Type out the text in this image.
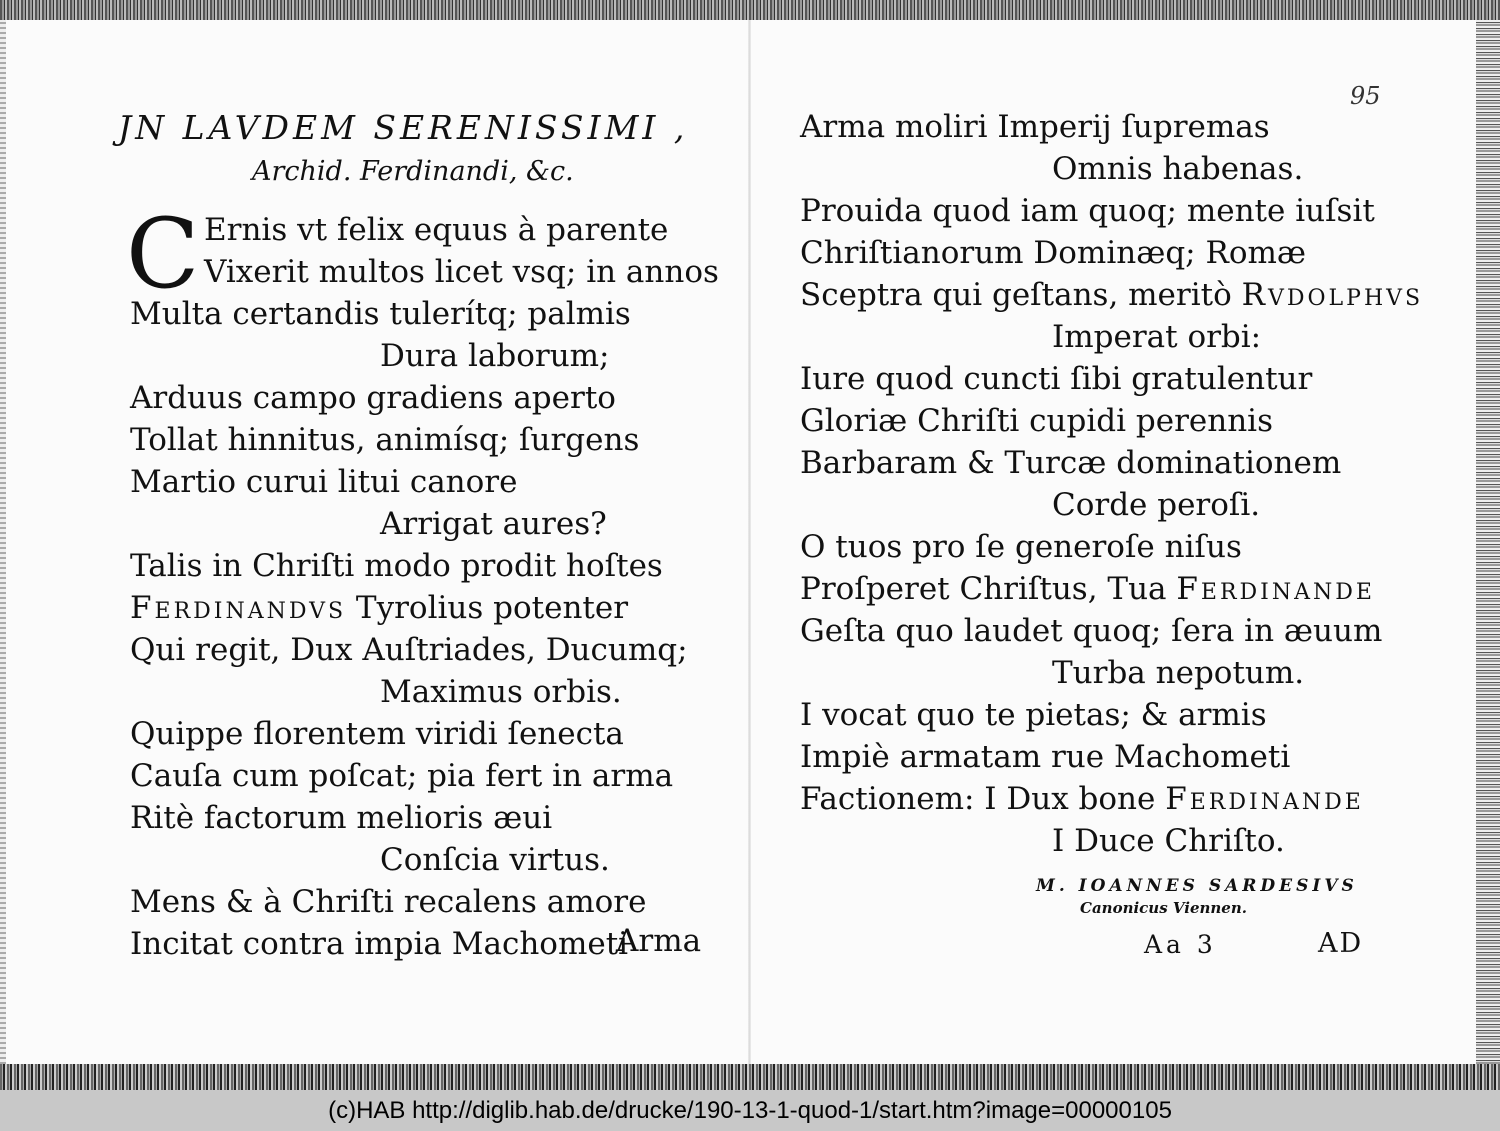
JN LAVDEM SERENISSIMI ,
Archid. Ferdinandi, &c.
C Ernis vt felix equus à parente
Vixerit multos licet vsq; in annos
Multa certandis tulerítq; palmis
Dura laborum;
Arduus campo gradiens aperto
Tollat hinnitus, animísq; ſurgens
Martio curui litui canore
Arrigat aures?
Talis in Chriſti modo prodit hoſtes
Ferdinandvs Tyrolius potenter
Qui regit, Dux Auſtriades, Ducumq;
Maximus orbis.
Quippe florentem viridi ſenecta
Cauſa cum poſcat; pia fert in arma
Ritè factorum melioris æui
Conſcia virtus.
Mens & à Chriſti recalens amore
Incitat contra impia Machometi
Arma
95
Arma moliri Imperij ſupremas
Omnis habenas.
Prouida quod iam quoq; mente iuſsit
Chriſtianorum Dominæq; Romæ
Sceptra qui geſtans, meritò Rvdolphvs
Imperat orbi:
Iure quod cuncti ſibi gratulentur
Gloriæ Chriſti cupidi perennis
Barbaram & Turcæ dominationem
Corde peroſi.
O tuos pro ſe generoſe niſus
Proſperet Chriſtus, Tua Ferdinande
Geſta quo laudet quoq; ſera in æuum
Turba nepotum.
I vocat quo te pietas; & armis
Impiè armatam rue Machometi
Factionem: I Dux bone Ferdinande
I Duce Chriſto.
M. IOANNES SARDESIVS
Canonicus Viennen.
Aa 3	AD
(c)HAB http://diglib.hab.de/drucke/190-13-1-quod-1/start.htm?image=00000105
